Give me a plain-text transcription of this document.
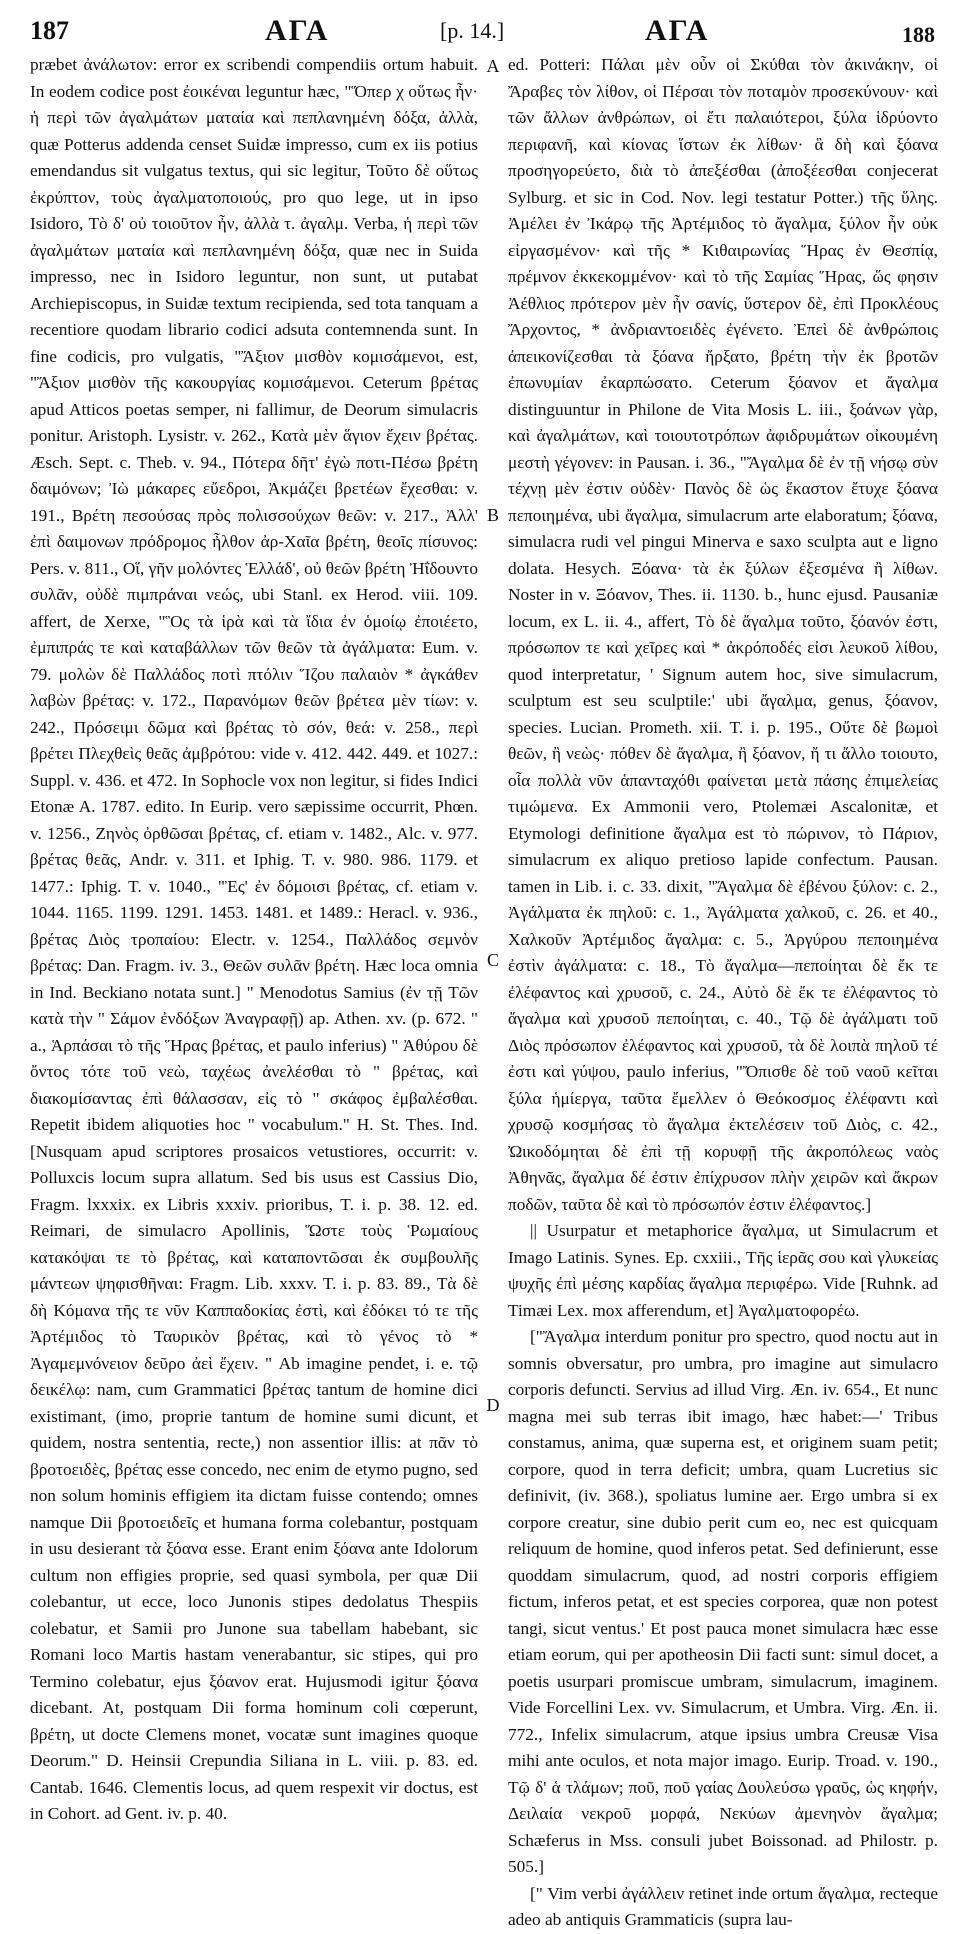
187	ΑΓΑ	[p. 14.]	ΑΓΑ	188

præbet ἀνάλωτον: error ex scribendi compendiis ortum habuit. In eodem codice post ἐοικέναι leguntur hæc, "Ὅπερ χ οὕτως ἦν· ἡ περὶ τῶν ἀγαλμάτων ματαία καὶ πεπλανημένη δόξα, ἀλλὰ, quæ Potterus addenda censet Suidæ impresso, cum ex iis potius emendandus sit vulgatus textus, qui sic legitur, Τοῦτο δὲ οὕτως ἐκρύπτον, τοὺς ἀγαλματοποιούς, pro quo lege, ut in ipso Isidoro, Τὸ δ' οὐ τοιοῦτον ἦν, ἀλλὰ τ. ἀγαλμ. Verba, ἡ περὶ τῶν ἀγαλμάτων ματαία καὶ πεπλανημένη δόξα, quæ nec in Suida impresso, nec in Isidoro leguntur, non sunt, ut putabat Archiepiscopus, in Suidæ textum recipienda, sed tota tanquam a recentiore quodam librario codici adsuta contemnenda sunt. In fine codicis, pro vulgatis, "Ἄξιον μισθὸν κομισάμενοι, est, "Ἄξιον μισθὸν τῆς κακουργίας κομισάμενοι. Ceterum βρέτας apud Atticos poetas semper, ni fallimur, de Deorum simulacris ponitur. Aristoph. Lysistr. v. 262., Κατὰ μὲν ἅγιον ἔχειν βρέτας. Æsch. Sept. c. Theb. v. 94., Πότερα δῆτ' ἐγὼ ποτι-Πέσω βρέτη δαιμόνων; Ἰὼ μάκαρες εὔεδροι, Ἀκμάζει βρετέων ἔχεσθαι: v. 191., Βρέτη πεσούσας πρὸς πολισσούχων θεῶν: v. 217., Ἀλλ' ἐπὶ δαιμονων πρόδρομος ἦλθον ἀρ-Χαῖα βρέτη, θεοῖς πίσυνος: Pers. v. 811., Οἵ, γῆν μολόντες Ἑλλάδ', οὐ θεῶν βρέτη Ἠΐδουντο συλᾶν, οὐδὲ πιμπράναι νεώς, ubi Stanl. ex Herod. viii. 109. affert, de Xerxe, "Ὃς τὰ ἱρὰ καὶ τὰ ἴδια ἐν ὁμοίῳ ἐποιέετο, ἐμπιπράς τε καὶ καταβάλλων τῶν θεῶν τὰ ἀγάλματα: Eum. v. 79. μολὼν δὲ Παλλάδος ποτὶ πτόλιν Ἵζου παλαιὸν * ἀγκάθεν λαβὼν βρέτας: v. 172., Παρανόμων θεῶν βρέτεα μὲν τίων: v. 242., Πρόσειμι δῶμα καὶ βρέτας τὸ σόν, θεά: v. 258., περὶ βρέτει Πλεχθεὶς θεᾶς ἀμβρότου: vide v. 412. 442. 449. et 1027.: Suppl. v. 436. et 472. In Sophocle vox non legitur, si fides Indici Etonæ A. 1787. edito. In Eurip. vero sæpissime occurrit, Phœn. v. 1256., Ζηνὸς ὀρθῶσαι βρέτας, cf. etiam v. 1482., Alc. v. 977. βρέτας θεᾶς, Andr. v. 311. et Iphig. T. v. 980. 986. 1179. et 1477.: Iphig. T. v. 1040., "Ἐς' ἐν δόμοισι βρέτας, cf. etiam v. 1044. 1165. 1199. 1291. 1453. 1481. et 1489.: Heracl. v. 936., βρέτας Διὸς τροπαίου: Electr. v. 1254., Παλλάδος σεμνὸν βρέτας: Dan. Fragm. iv. 3., Θεῶν συλᾶν βρέτη. Hæc loca omnia in Ind. Beckiano notata sunt.] " Menodotus Samius (ἐν τῇ Τῶν κατὰ τὴν " Σάμον ἐνδόξων Ἀναγραφῇ) ap. Athen. xv. (p. 672. " a., Ἁρπάσαι τὸ τῆς Ἥρας βρέτας, et paulo inferius) " Ἀθύρου δὲ ὄντος τότε τοῦ νεὼ, ταχέως ἀνελέσθαι τὸ " βρέτας, καὶ διακομίσαντας ἐπὶ θάλασσαν, εἰς τὸ " σκάφος ἐμβαλέσθαι. Repetit ibidem aliquoties hoc " vocabulum." H. St. Thes. Ind. [Nusquam apud scriptores prosaicos vetustiores, occurrit: v. Polluxcis locum supra allatum. Sed bis usus est Cassius Dio, Fragm. lxxxix. ex Libris xxxiv. prioribus, T. i. p. 38. 12. ed. Reimari, de simulacro Apollinis, Ὥστε τοὺς Ῥωμαίους κατακόψαι τε τὸ βρέτας, καὶ καταποντῶσαι ἐκ συμβουλῆς μάντεων ψηφισθῆναι: Fragm. Lib. xxxv. T. i. p. 83. 89., Τὰ δὲ δὴ Κόμανα τῆς τε νῦν Καππαδοκίας ἐστὶ, καὶ ἐδόκει τό τε τῆς Ἀρτέμιδος τὸ Ταυρικὸν βρέτας, καὶ τὸ γένος τὸ * Ἀγαμεμνόνειον δεῦρο ἀεὶ ἔχειν. " Ab imagine pendet, i. e. τῷ δεικέλῳ: nam, cum Grammatici βρέτας tantum de homine dici existimant, (imo, proprie tantum de homine sumi dicunt, et quidem, nostra sententia, recte,) non assentior illis: at πᾶν τὸ βροτοειδὲς, βρέτας esse concedo, nec enim de etymo pugno, sed non solum hominis effigiem ita dictam fuisse contendo; omnes namque Dii βροτοειδεῖς et humana forma colebantur, postquam in usu desierant τὰ ξόανα esse. Erant enim ξόανα ante Idolorum cultum non effigies proprie, sed quasi symbola, per quæ Dii colebantur, ut ecce, loco Junonis stipes dedolatus Thespiis colebatur, et Samii pro Junone sua tabellam habebant, sic Romani loco Martis hastam venerabantur, sic stipes, qui pro Termino colebatur, ejus ξόανον erat. Hujusmodi igitur ξόανα dicebant. At, postquam Dii forma hominum coli cœperunt, βρέτη, ut docte Clemens monet, vocatæ sunt imagines quoque Deorum." D. Heinsii Crepundia Siliana in L. viii. p. 83. ed. Cantab. 1646. Clementis locus, ad quem respexit vir doctus, est in Cohort. ad Gent. iv. p. 40.

A
B
C
D

ed. Potteri: Πάλαι μὲν οὖν οἱ Σκύθαι τὸν ἀκινάκην, οἱ Ἄραβες τὸν λίθον, οἱ Πέρσαι τὸν ποταμὸν προσεκύνουν· καὶ τῶν ἄλλων ἀνθρώπων, οἱ ἔτι παλαιότεροι, ξύλα ἱδρύοντο περιφανῆ, καὶ κίονας ἵστων ἐκ λίθων· ἃ δὴ καὶ ξόανα προσηγορεύετο, διὰ τὸ ἀπεξέσθαι (ἀποξέεσθαι conjecerat Sylburg. et sic in Cod. Nov. legi testatur Potter.) τῆς ὕλης. Ἀμέλει ἐν Ἰκάρῳ τῆς Ἀρτέμιδος τὸ ἄγαλμα, ξύλον ἦν οὐκ εἰργασμένον· καὶ τῆς * Κιθαιρωνίας Ἥρας ἐν Θεσπίᾳ, πρέμνον ἐκκεκομμένον· καὶ τὸ τῆς Σαμίας Ἥρας, ὥς φησιν Ἀέθλιος πρότερον μὲν ἦν σανίς, ὕστερον δὲ, ἐπὶ Προκλέους Ἄρχοντος, * ἀνδριαντοειδὲς ἐγένετο. Ἐπεὶ δὲ ἀνθρώποις ἀπεικονίζεσθαι τὰ ξόανα ἤρξατο, βρέτη τὴν ἐκ βροτῶν ἐπωνυμίαν ἐκαρπώσατο. Ceterum ξόανον et ἄγαλμα distinguuntur in Philone de Vita Mosis L. iii., ξοάνων γὰρ, καὶ ἀγαλμάτων, καὶ τοιουτοτρόπων ἀφιδρυμάτων οἰκουμένη μεστὴ γέγονεν: in Pausan. i. 36., "Ἄγαλμα δὲ ἐν τῇ νήσῳ σὺν τέχνῃ μὲν ἐστιν οὐδὲν· Πανὸς δὲ ὡς ἕκαστον ἔτυχε ξόανα πεποιημένα, ubi ἄγαλμα, simulacrum arte elaboratum; ξόανα, simulacra rudi vel pingui Minerva e saxo sculpta aut e ligno dolata. Hesych. Ξόανα· τὰ ἐκ ξύλων ἐξεσμένα ἢ λίθων. Noster in v. Ξόανον, Thes. ii. 1130. b., hunc ejusd. Pausaniæ locum, ex L. ii. 4., affert, Τὸ δὲ ἄγαλμα τοῦτο, ξόανόν ἐστι, πρόσωπον τε καὶ χεῖρες καὶ * ἀκρόποδές εἰσι λευκοῦ λίθου, quod interpretatur, ' Signum autem hoc, sive simulacrum, sculptum est seu sculptile:' ubi ἄγαλμα, genus, ξόανον, species. Lucian. Prometh. xii. T. i. p. 195., Οὔτε δὲ βωμοὶ θεῶν, ἢ νεὼς· πόθεν δὲ ἄγαλμα, ἢ ξόανον, ἤ τι ἄλλο τοιουτο, οἷα πολλὰ νῦν ἁπανταχόθι φαίνεται μετὰ πάσης ἐπιμελείας τιμώμενα. Ex Ammonii vero, Ptolemæi Ascalonitæ, et Etymologi definitione ἄγαλμα est τὸ πώρινον, τὸ Πάριον, simulacrum ex aliquo pretioso lapide confectum. Pausan. tamen in Lib. i. c. 33. dixit, "Ἄγαλμα δὲ ἐβένου ξύλον: c. 2., Ἀγάλματα ἐκ πηλοῦ: c. 1., Ἀγάλματα χαλκοῦ, c. 26. et 40., Χαλκοῦν Ἀρτέμιδος ἄγαλμα: c. 5., Ἀργύρου πεποιημένα ἐστὶν ἀγάλματα: c. 18., Τὸ ἄγαλμα—πεποίηται δὲ ἔκ τε ἐλέφαντος καὶ χρυσοῦ, c. 24., Αὐτὸ δὲ ἔκ τε ἐλέφαντος τὸ ἄγαλμα καὶ χρυσοῦ πεποίηται, c. 40., Τῷ δὲ ἀγάλματι τοῦ Διὸς πρόσωπον ἐλέφαντος καὶ χρυσοῦ, τὰ δὲ λοιπὰ πηλοῦ τέ ἐστι καὶ γύψου, paulo inferius, "Ὄπισθε δὲ τοῦ ναοῦ κεῖται ξύλα ἡμίεργα, ταῦτα ἔμελλεν ὁ Θεόκοσμος ἐλέφαντι καὶ χρυσῷ κοσμήσας τὸ ἄγαλμα ἐκτελέσειν τοῦ Διὸς, c. 42., Ὠικοδόμηται δὲ ἐπὶ τῇ κορυφῇ τῆς ἀκροπόλεως ναὸς Ἀθηνᾶς, ἄγαλμα δέ ἐστιν ἐπίχρυσον πλὴν χειρῶν καὶ ἄκρων ποδῶν, ταῦτα δὲ καὶ τὸ πρόσωπόν ἐστιν ἐλέφαντος.]

|| Usurpatur et metaphorice ἄγαλμα, ut Simulacrum et Imago Latinis. Synes. Ep. cxxiii., Τῆς ἱερᾶς σου καὶ γλυκείας ψυχῆς ἐπὶ μέσης καρδίας ἄγαλμα περιφέρω. Vide [Ruhnk. ad Timæi Lex. mox afferendum, et] Ἀγαλματοφορέω.

["Ἄγαλμα interdum ponitur pro spectro, quod noctu aut in somnis obversatur, pro umbra, pro imagine aut simulacro corporis defuncti. Servius ad illud Virg. Æn. iv. 654., Et nunc magna mei sub terras ibit imago, hæc habet:—' Tribus constamus, anima, quæ superna est, et originem suam petit; corpore, quod in terra deficit; umbra, quam Lucretius sic definivit, (iv. 368.), spoliatus lumine aer. Ergo umbra si ex corpore creatur, sine dubio perit cum eo, nec est quicquam reliquum de homine, quod inferos petat. Sed definierunt, esse quoddam simulacrum, quod, ad nostri corporis effigiem fictum, inferos petat, et est species corporea, quæ non potest tangi, sicut ventus.' Et post pauca monet simulacra hæc esse etiam eorum, qui per apotheosin Dii facti sunt: simul docet, a poetis usurpari promiscue umbram, simulacrum, imaginem. Vide Forcellini Lex. vv. Simulacrum, et Umbra. Virg. Æn. ii. 772., Infelix simulacrum, atque ipsius umbra Creusæ Visa mihi ante oculos, et nota major imago. Eurip. Troad. v. 190., Τῷ δ' ἁ τλάμων; ποῦ, ποῦ γαίας Δουλεύσω γραῦς, ὡς κηφήν, Δειλαία νεκροῦ μορφά, Νεκύων ἀμενηνὸν ἄγαλμα; Schæferus in Mss. consuli jubet Boissonad. ad Philostr. p. 505.]

[" Vim verbi ἀγάλλειν retinet inde ortum ἄγαλμα, recteque adeo ab antiquis Grammaticis (supra lau-
